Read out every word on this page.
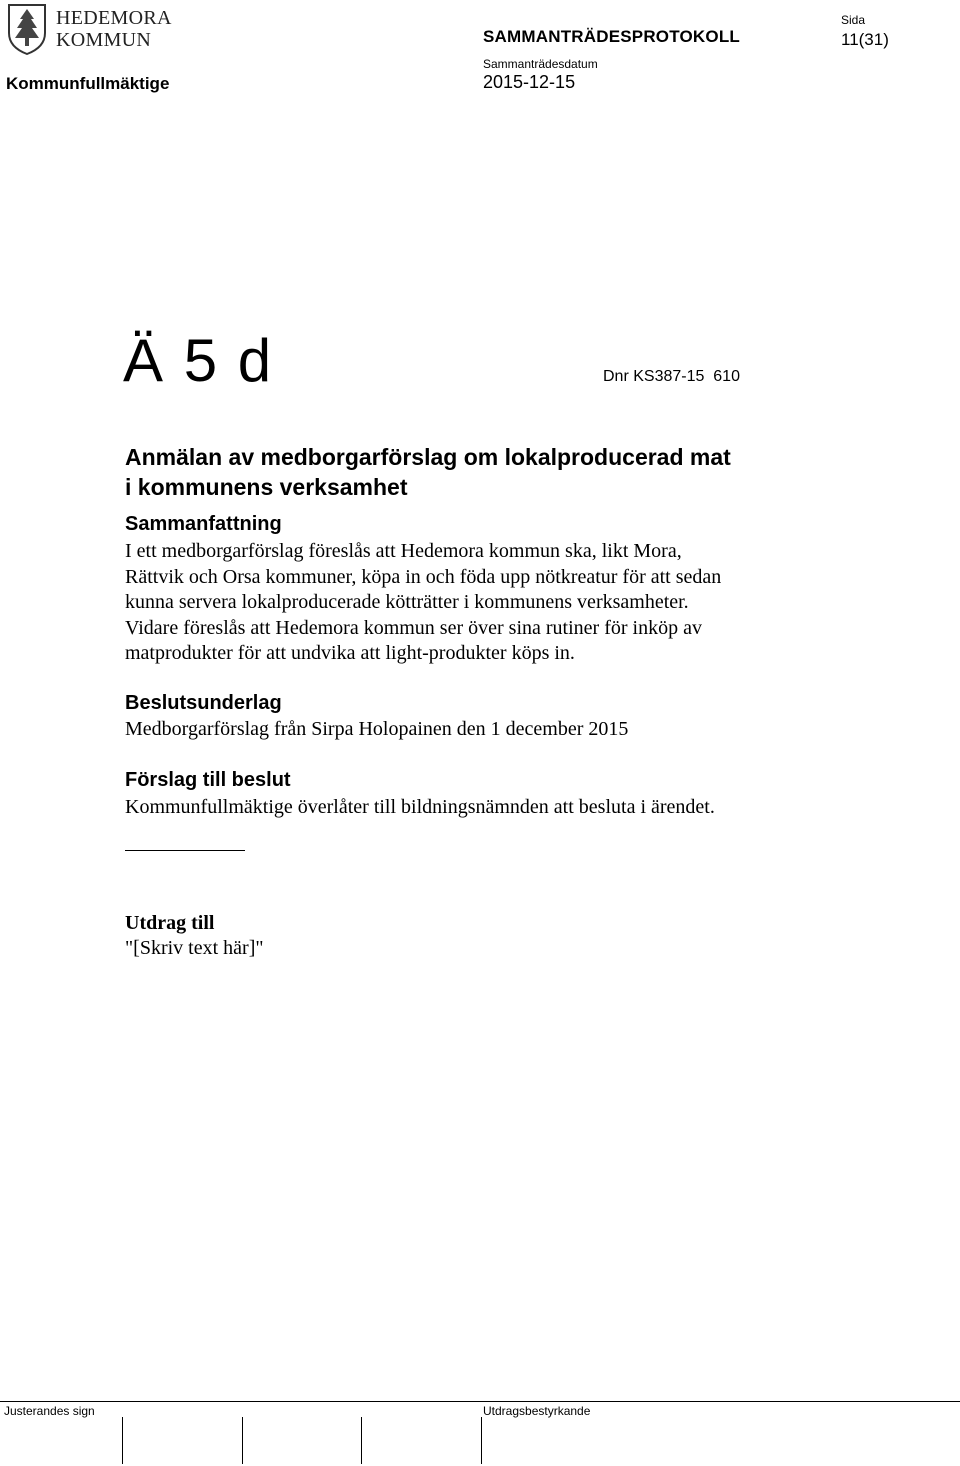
HEDEMORA
KOMMUN
Kommunfullmäktige
SAMMANTRÄDESPROTOKOLL
Sammanträdesdatum
2015-12-15
Sida
11(31)
Ä 5 d	Dnr KS387-15  610
Anmälan av medborgarförslag om lokalproducerad mat
i kommunens verksamhet
Sammanfattning
I ett medborgarförslag föreslås att Hedemora kommun ska, likt Mora,
Rättvik och Orsa kommuner, köpa in och föda upp nötkreatur för att sedan
kunna servera lokalproducerade kötträtter i kommunens verksamheter.
Vidare föreslås att Hedemora kommun ser över sina rutiner för inköp av
matprodukter för att undvika att light-produkter köps in.
Beslutsunderlag
Medborgarförslag från Sirpa Holopainen den 1 december 2015
Förslag till beslut
Kommunfullmäktige överlåter till bildningsnämnden att besluta i ärendet.
Utdrag till
"[Skriv text här]"
Justerandes sign	Utdragsbestyrkande
